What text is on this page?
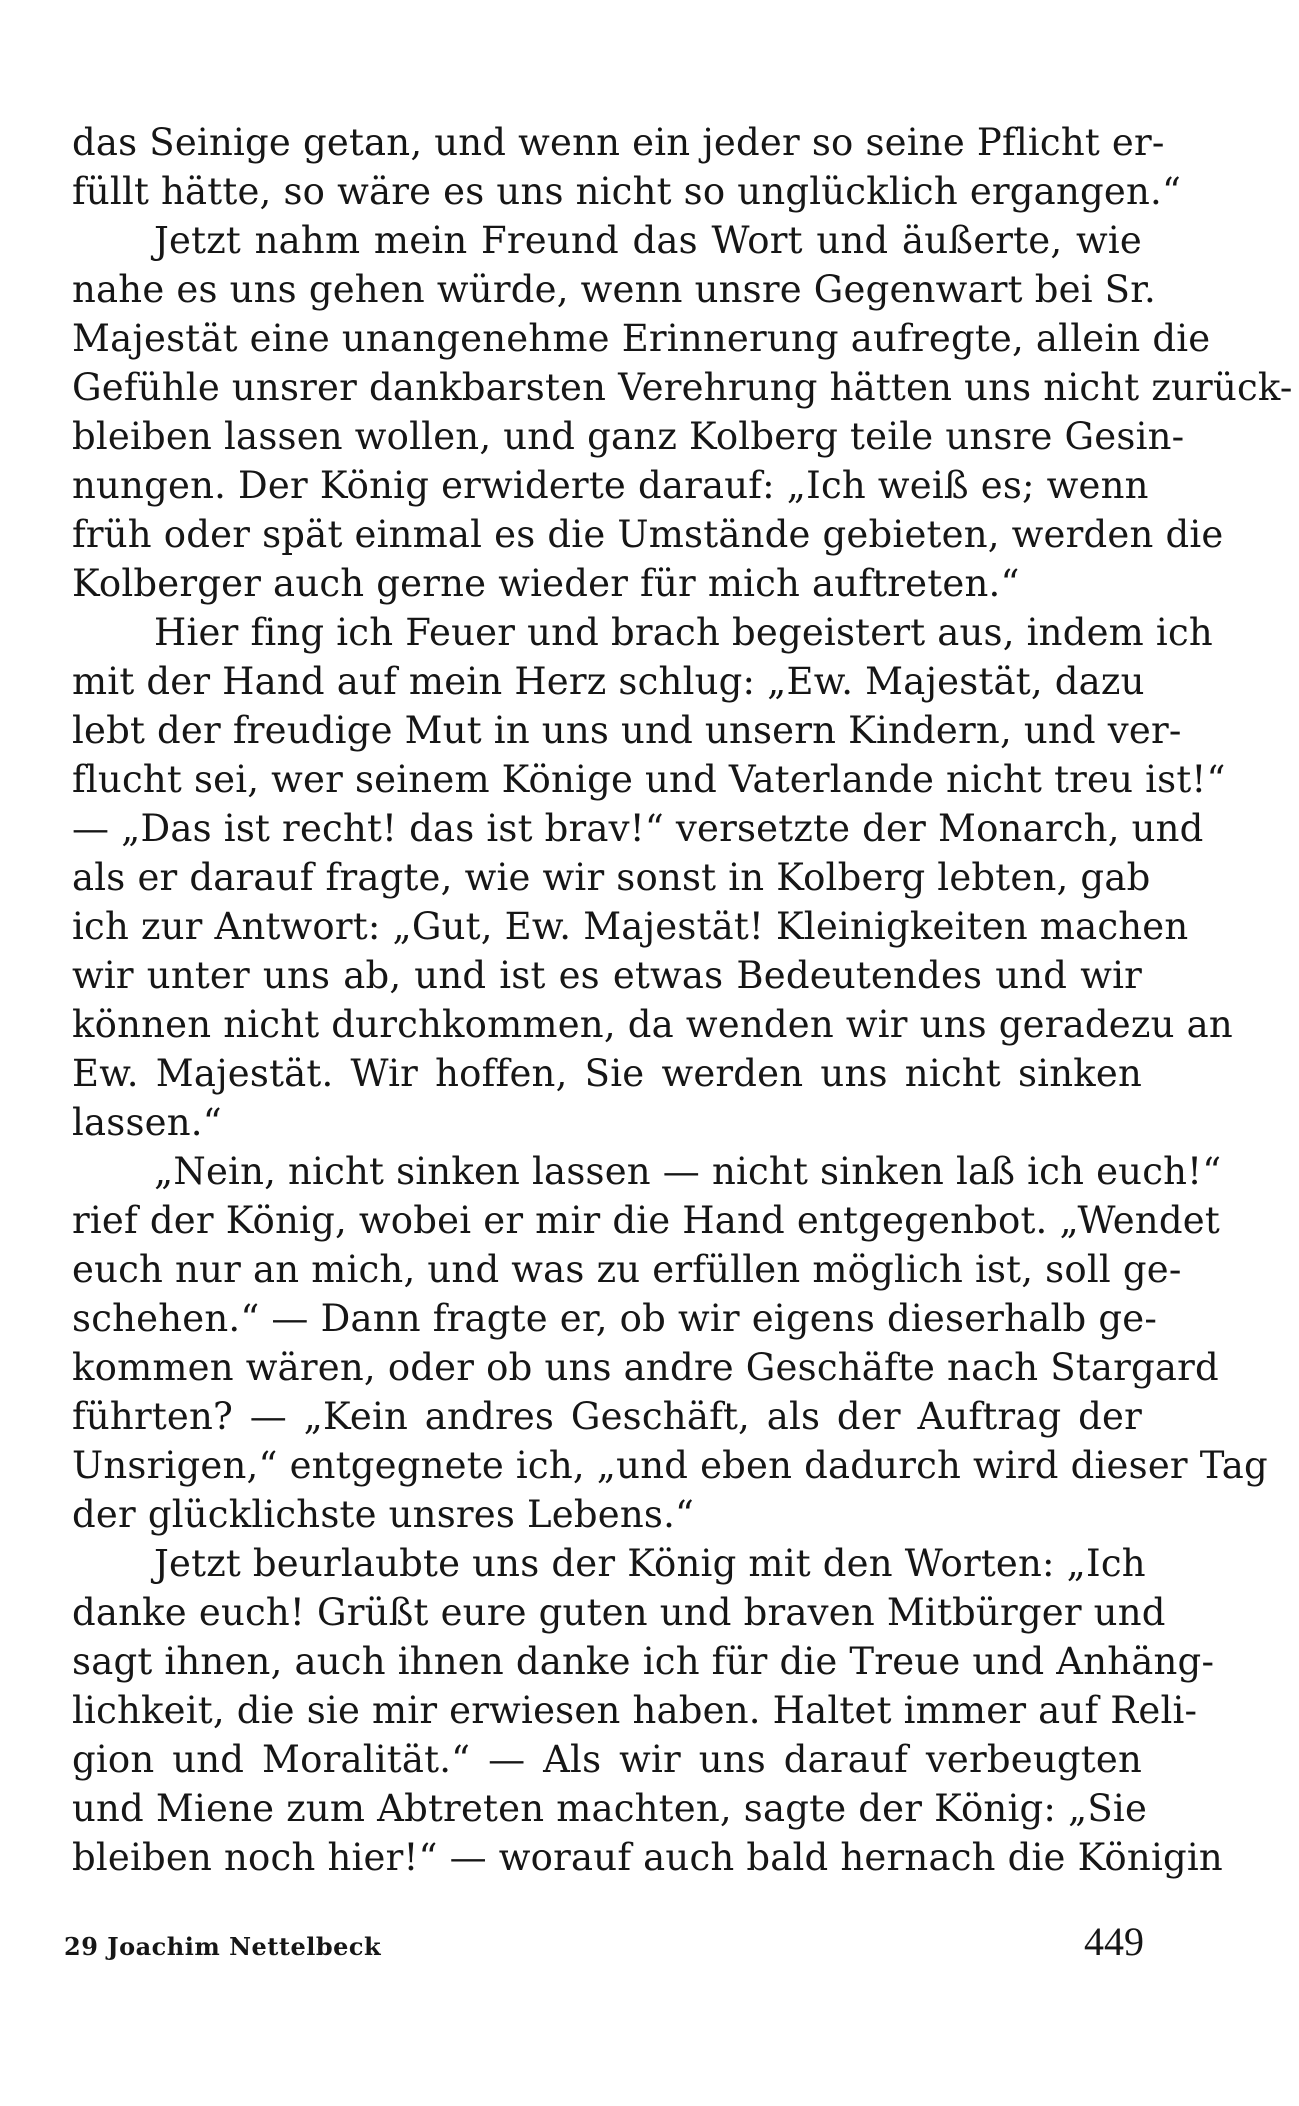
das Seinige getan, und wenn ein jeder so seine Pflicht er-
füllt hätte, so wäre es uns nicht so unglücklich ergangen.“
Jetzt nahm mein Freund das Wort und äußerte, wie
nahe es uns gehen würde, wenn unsre Gegenwart bei Sr.
Majestät eine unangenehme Erinnerung aufregte, allein die
Gefühle unsrer dankbarsten Verehrung hätten uns nicht zurück-
bleiben lassen wollen, und ganz Kolberg teile unsre Gesin-
nungen. Der König erwiderte darauf: „Ich weiß es; wenn
früh oder spät einmal es die Umstände gebieten, werden die
Kolberger auch gerne wieder für mich auftreten.“
Hier fing ich Feuer und brach begeistert aus, indem ich
mit der Hand auf mein Herz schlug: „Ew. Majestät, dazu
lebt der freudige Mut in uns und unsern Kindern, und ver-
flucht sei, wer seinem Könige und Vaterlande nicht treu ist!“
— „Das ist recht! das ist brav!“ versetzte der Monarch, und
als er darauf fragte, wie wir sonst in Kolberg lebten, gab
ich zur Antwort: „Gut, Ew. Majestät! Kleinigkeiten machen
wir unter uns ab, und ist es etwas Bedeutendes und wir
können nicht durchkommen, da wenden wir uns geradezu an
Ew. Majestät. Wir hoffen, Sie werden uns nicht sinken
lassen.“
„Nein, nicht sinken lassen — nicht sinken laß ich euch!“
rief der König, wobei er mir die Hand entgegenbot. „Wendet
euch nur an mich, und was zu erfüllen möglich ist, soll ge-
schehen.“ — Dann fragte er, ob wir eigens dieserhalb ge-
kommen wären, oder ob uns andre Geschäfte nach Stargard
führten? — „Kein andres Geschäft, als der Auftrag der
Unsrigen,“ entgegnete ich, „und eben dadurch wird dieser Tag
der glücklichste unsres Lebens.“
Jetzt beurlaubte uns der König mit den Worten: „Ich
danke euch! Grüßt eure guten und braven Mitbürger und
sagt ihnen, auch ihnen danke ich für die Treue und Anhäng-
lichkeit, die sie mir erwiesen haben. Haltet immer auf Reli-
gion und Moralität.“ — Als wir uns darauf verbeugten
und Miene zum Abtreten machten, sagte der König: „Sie
bleiben noch hier!“ — worauf auch bald hernach die Königin
29 Joachim Nettelbeck	449
